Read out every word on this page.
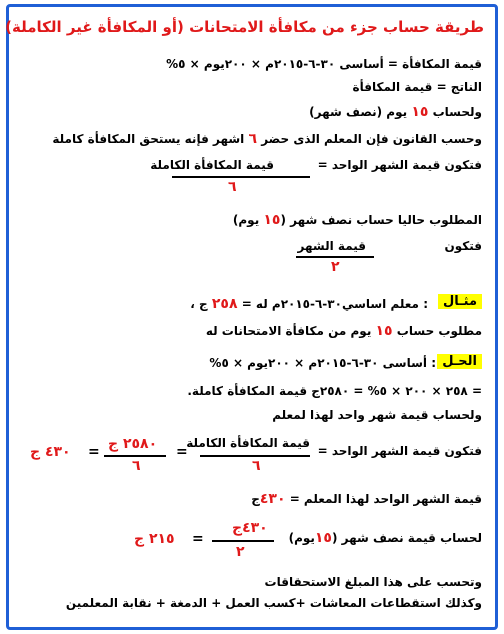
طريقة حساب جزء من مكافأة الامتحانات (أو المكافأة غير الكاملة)
قيمة المكافأة = أساسى ٣٠-٦-٢٠١٥م × ٢٠٠يوم × ٥%
الناتج = قيمة المكافأة
ولحساب ١٥ يوم (نصف شهر)
وحسب القانون فإن المعلم الذى حضر ٦ اشهر فإنه يستحق المكافأة كاملة
فتكون قيمة الشهر الواحد =
قيمة المكافأة الكاملة
٦
المطلوب حاليا حساب نصف شهر (١٥ يوم)
فتكون
قيمة الشهر
٢
مثـال
: معلم اساسي٣٠-٦-٢٠١٥م له = ٢٥٨ ج ،
مطلوب حساب ١٥ يوم من مكافأة الامتحانات له
الحـل
: أساسى ٣٠-٦-٢٠١٥م × ٢٠٠يوم × ٥%
= ٢٥٨ × ٢٠٠ × ٥% = ٢٥٨٠ج قيمة المكافأة كاملة.
ولحساب قيمة شهر واحد لهذا لمعلم
فتكون قيمة الشهر الواحد =
قيمة المكافأة الكاملة
٦
=
٢٥٨٠ ج
٦
=
٤٣٠ ج
قيمة الشهر الواحد لهذا المعلم = ٤٣٠ج
لحساب قيمة نصف شهر (١٥يوم)
٤٣٠ج
٢
=
٢١٥ ج
وتحسب على هذا المبلغ الاستحقاقات
وكذلك استقطاعات المعاشات +كسب العمل + الدمغة + نقابة المعلمين
